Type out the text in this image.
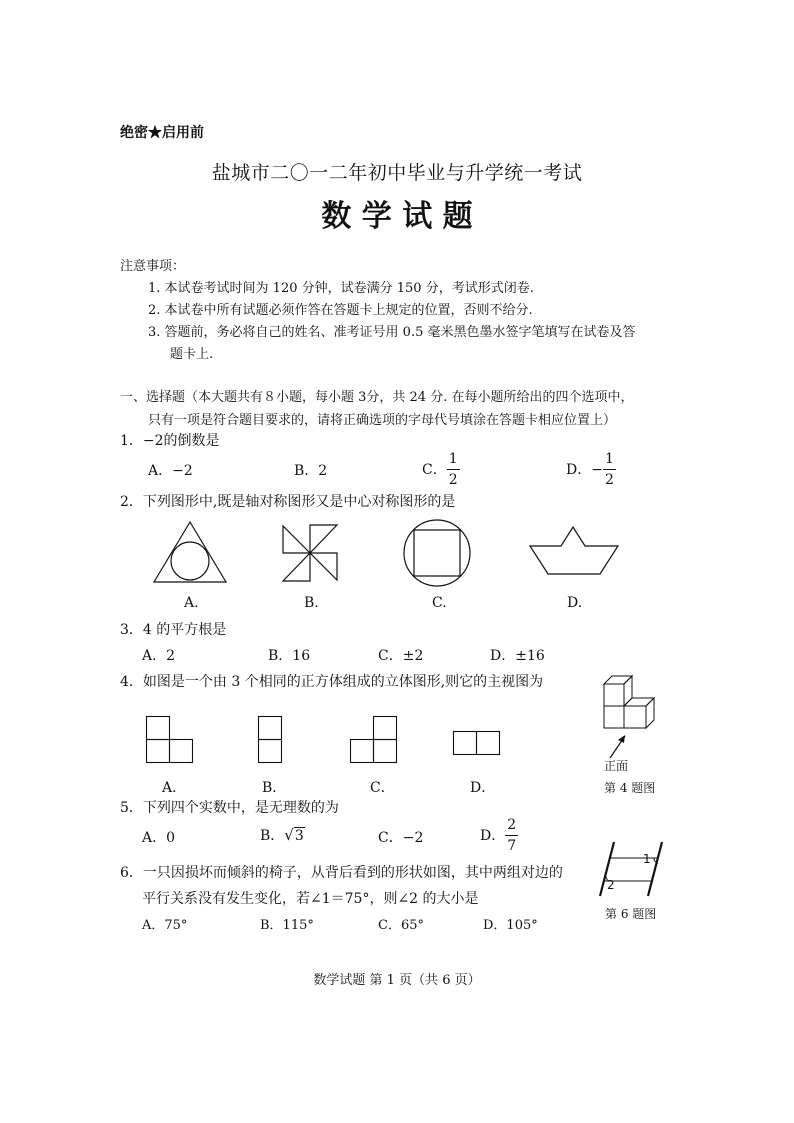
绝密★启用前
盐城市二〇一二年初中毕业与升学统一考试
数 学 试 题
注意事项：
1. 本试卷考试时间为 120 分钟，试卷满分 150 分，考试形式闭卷.
2. 本试卷中所有试题必须作答在答题卡上规定的位置，否则不给分.
3. 答题前，务必将自己的姓名、准考证号用 0.5 毫米黑色墨水签字笔填写在试卷及答
题卡上.
一、选择题（本大题共有８小题，每小题 3分，共 24 分. 在每小题所给出的四个选项中，
只有一项是符合题目要求的，请将正确选项的字母代号填涂在答题卡相应位置上）
1．−2的倒数是
A．−2	B．2	C． $\frac{1}{2}$	D．− $\frac{1}{2}$
2．下列图形中,既是轴对称图形又是中心对称图形的是
A.	B.	C.	D.
3．4 的平方根是
A．2	B．16	C．±2	D．±16
4．如图是一个由 3 个相同的正方体组成的立体图形,则它的主视图为
A．	B．	C．	D．
正面
第 4 题图
5．下列四个实数中，是无理数的为
A．0	B． √ 3	C．−2	D． $\frac{2}{7}$
6．一只因损坏而倾斜的椅子，从背后看到的形状如图，其中两组对边的
平行关系没有发生变化，若∠1＝75°，则∠2 的大小是
A．75°	B．115°	C．65°	D．105°
1
2
第 6 题图
数学试题 第 1 页（共 6 页）
